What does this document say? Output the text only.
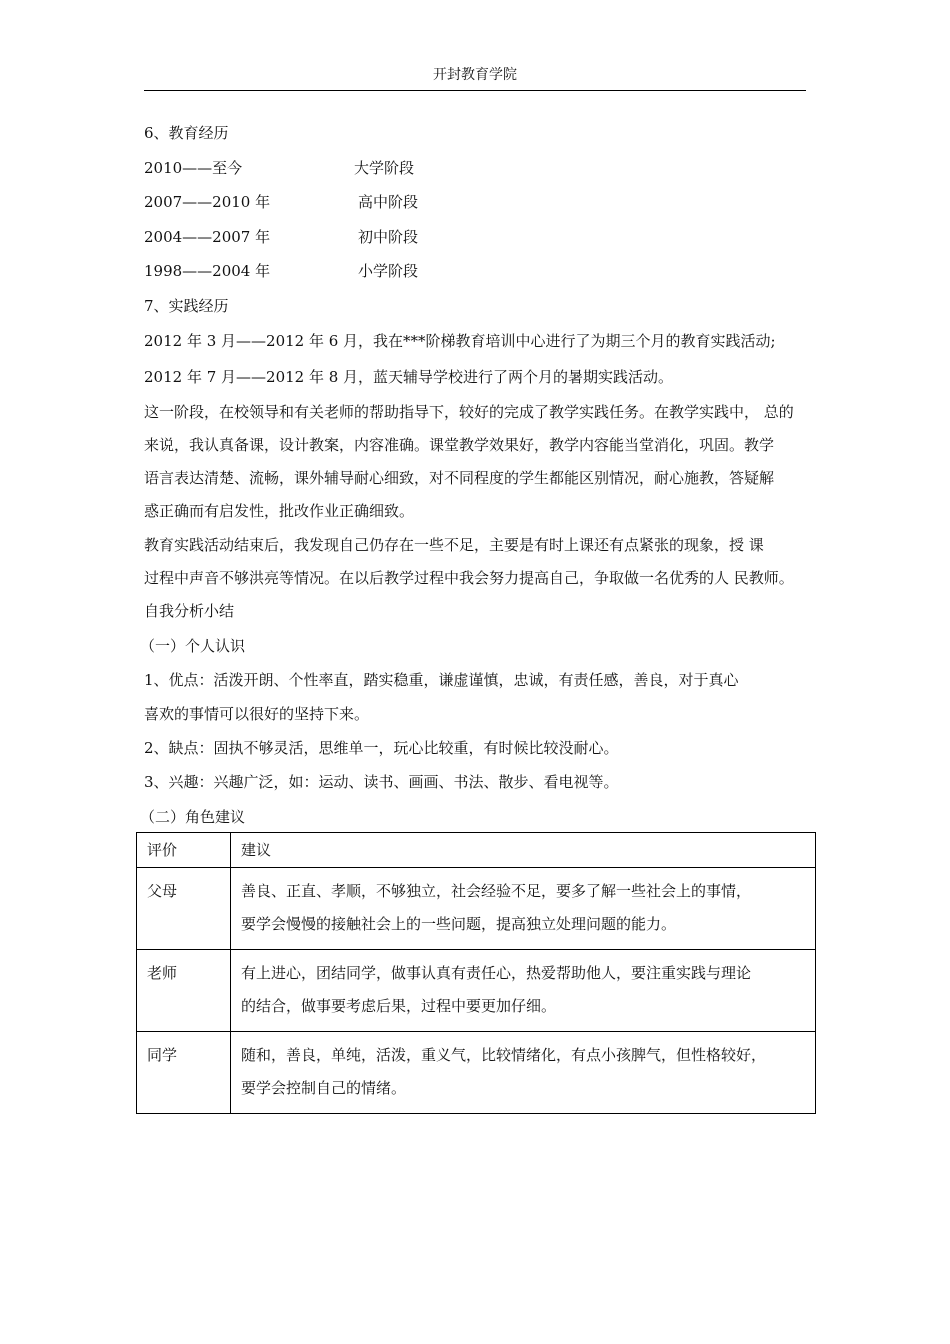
开封教育学院
6、教育经历
2010——至今	大学阶段
2007——2010 年	高中阶段
2004——2007 年	初中阶段
1998——2004 年	小学阶段
7、实践经历
2012 年 3 月——2012 年 6 月，我在***阶梯教育培训中心进行了为期三个月的教育实践活动;
2012 年 7 月——2012 年 8 月，蓝天辅导学校进行了两个月的暑期实践活动。
这一阶段，在校领导和有关老师的帮助指导下，较好的完成了教学实践任务。在教学实践中， 总的
来说，我认真备课，设计教案，内容准确。课堂教学效果好，教学内容能当堂消化，巩固。教学
语言表达清楚、流畅，课外辅导耐心细致，对不同程度的学生都能区别情况，耐心施教，答疑解
惑正确而有启发性，批改作业正确细致。
教育实践活动结束后，我发现自己仍存在一些不足，主要是有时上课还有点紧张的现象，授 课
过程中声音不够洪亮等情况。在以后教学过程中我会努力提高自己，争取做一名优秀的人 民教师。
自我分析小结
（一）个人认识
1、优点：活泼开朗、个性率直，踏实稳重，谦虚谨慎，忠诚，有责任感，善良，对于真心
喜欢的事情可以很好的坚持下来。
2、缺点：固执不够灵活，思维单一，玩心比较重，有时候比较没耐心。
3、兴趣：兴趣广泛，如：运动、读书、画画、书法、散步、看电视等。
（二）角色建议
评价	建议
父母	善良、正直、孝顺，不够独立，社会经验不足，要多了解一些社会上的事情，
要学会慢慢的接触社会上的一些问题，提高独立处理问题的能力。

老师	有上进心，团结同学，做事认真有责任心，热爱帮助他人，要注重实践与理论
的结合，做事要考虑后果，过程中要更加仔细。

同学	随和，善良，单纯，活泼，重义气，比较情绪化，有点小孩脾气，但性格较好，
要学会控制自己的情绪。
